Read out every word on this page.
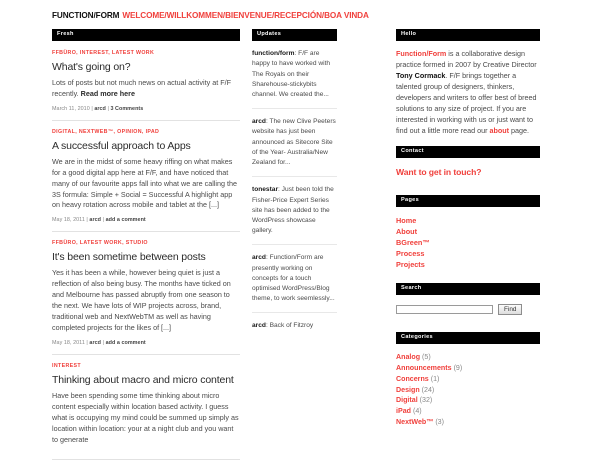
FUNCTION/FORM WELCOME/WILLKOMMEN/BIENVENUE/RECEPCIÓN/BOA VINDA
Fresh
FFBÜRO, INTEREST, LATEST WORK
What's going on?

Lots of posts but not much news on actual activity at F/F recently. Read more here

March 11, 2010 | arcd | 3 Comments
DIGITAL, NEXTWEB™, OPINION, IPAD
A successful approach to Apps

We are in the midst of some heavy riffing on what makes for a good digital app here at F/F, and have noticed that many of our favourite apps fall into what we are calling the 3S formula: Simple + Social = Successful A highlight app on heavy rotation across mobile and tablet at the [...]

May 18, 2011 | arcd | add a comment
FFBÜRO, LATEST WORK, STUDIO
It's been sometime between posts

Yes it has been a while, however being quiet is just a reflection of also being busy. The months have ticked on and Melbourne has passed abruptly from one season to the next. We have lots of WIP projects across, brand, traditional web and NextWebTM as well as having completed projects for the likes of [...]

May 18, 2011 | arcd | add a comment
INTEREST
Thinking about macro and micro content

Have been spending some time thinking about micro content especially within location based activity. I guess what is occupying my mind could be summed up simply as location within location: your at a night club and you want to generate

Updates
function/form: F/F are happy to have worked with The Royals on their Sharehouse-stickybits channel. We created the...
arcd: The new Clive Peeters website has just been announced as Sitecore Site of the Year- Australia/New Zealand for...
tonestar: Just been told the Fisher-Price Expert Series site has been added to the WordPress showcase gallery.
arcd: Function/Form are presently working on concepts for a touch optimised WordPress/Blog theme, to work seemlessly...
arcd: Back of Fitzroy
Hello
Function/Form is a collaborative design practice formed in 2007 by Creative Director Tony Cormack. F/F brings together a talented group of designers, thinkers, developers and writers to offer best of breed solutions to any size of project. If you are interested in working with us or just want to find out a little more read our about page.
Contact
Want to get in touch?
Pages
Home
About
BGreen™
Process
Projects
Search
Find
Categories
Analog (5)
Announcements (9)
Concerns (1)
Design (24)
Digital (32)
iPad (4)
NextWeb™ (3)
